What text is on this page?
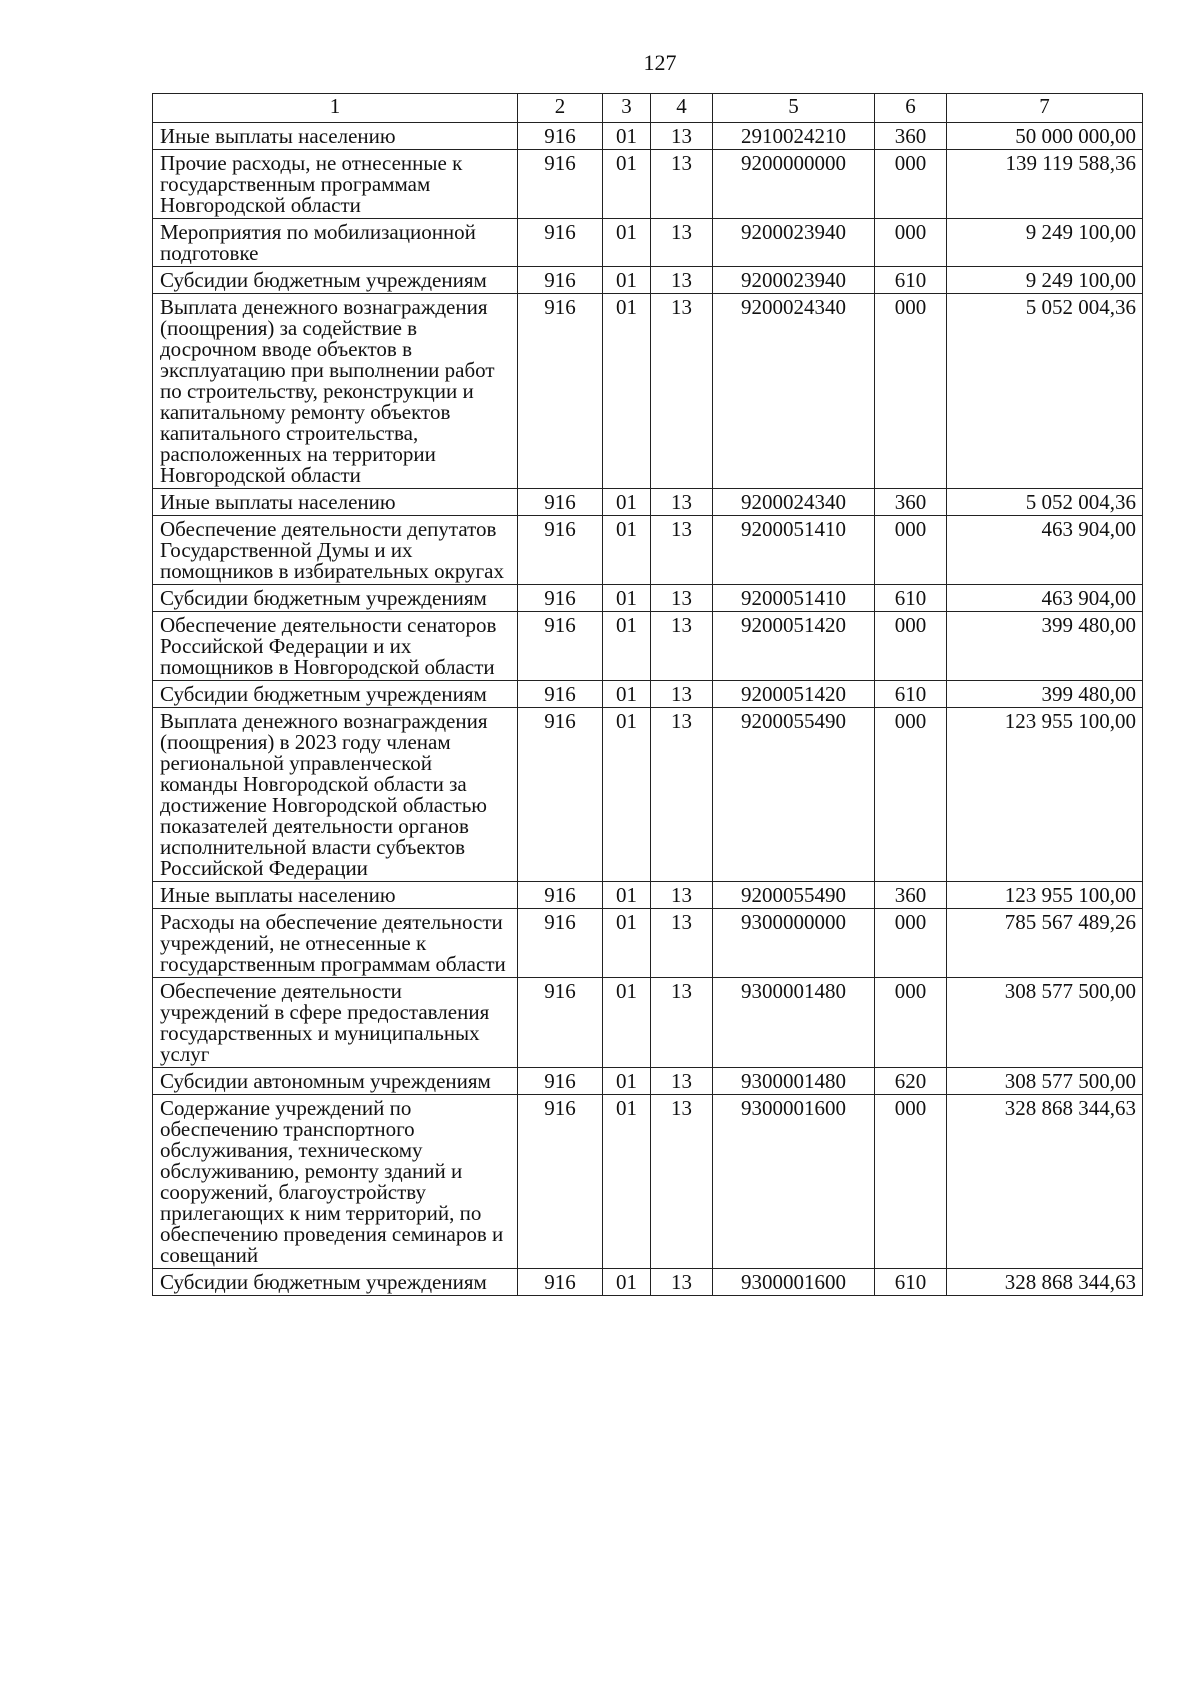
127
1	2	3	4	5	6	7
Иные выплаты населению	916	01	13	2910024210	360	50 000 000,00
Прочие расходы, не отнесенные к государственным программам Новгородской области	916	01	13	9200000000	000	139 119 588,36
Мероприятия по мобилизационной подготовке	916	01	13	9200023940	000	9 249 100,00
Субсидии бюджетным учреждениям	916	01	13	9200023940	610	9 249 100,00
Выплата денежного вознаграждения (поощрения) за содействие в досрочном вводе объектов в эксплуатацию при выполнении работ по строительству, реконструкции и капитальному ремонту объектов капитального строительства, расположенных на территории Новгородской области	916	01	13	9200024340	000	5 052 004,36
Иные выплаты населению	916	01	13	9200024340	360	5 052 004,36
Обеспечение деятельности депутатов Государственной Думы и их помощников в избирательных округах	916	01	13	9200051410	000	463 904,00
Субсидии бюджетным учреждениям	916	01	13	9200051410	610	463 904,00
Обеспечение деятельности сенаторов Российской Федерации и их помощников в Новгородской области	916	01	13	9200051420	000	399 480,00
Субсидии бюджетным учреждениям	916	01	13	9200051420	610	399 480,00
Выплата денежного вознаграждения (поощрения) в 2023 году членам региональной управленческой команды Новгородской области за достижение Новгородской областью показателей деятельности органов исполнительной власти субъектов Российской Федерации	916	01	13	9200055490	000	123 955 100,00
Иные выплаты населению	916	01	13	9200055490	360	123 955 100,00
Расходы на обеспечение деятельности учреждений, не отнесенные к государственным программам области	916	01	13	9300000000	000	785 567 489,26
Обеспечение деятельности учреждений в сфере предоставления государственных и муниципальных услуг	916	01	13	9300001480	000	308 577 500,00
Субсидии автономным учреждениям	916	01	13	9300001480	620	308 577 500,00
Содержание учреждений по обеспечению транспортного обслуживания, техническому обслуживанию, ремонту зданий и сооружений, благоустройству прилегающих к ним территорий, по обеспечению проведения семинаров и совещаний	916	01	13	9300001600	000	328 868 344,63
Субсидии бюджетным учреждениям	916	01	13	9300001600	610	328 868 344,63
